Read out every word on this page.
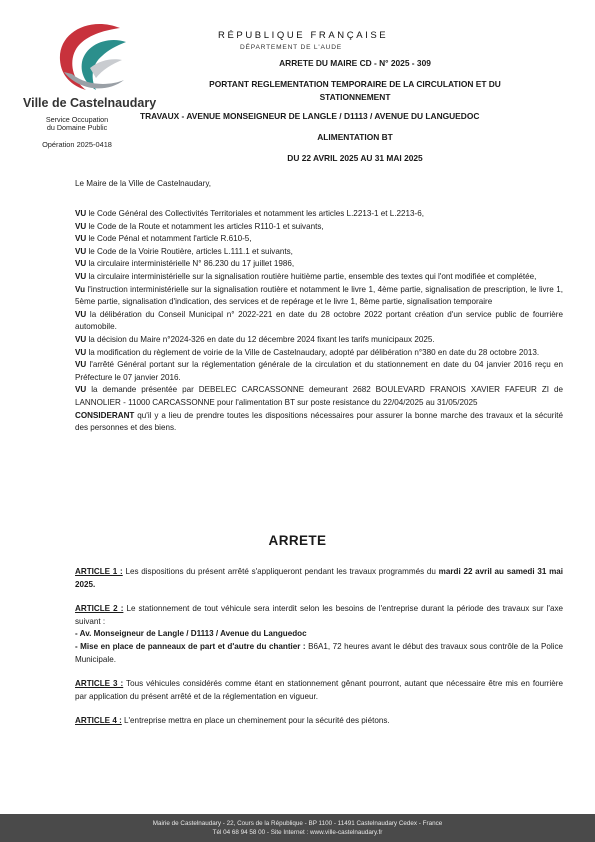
Ville de Castelnaudary
Service Occupation
du Domaine Public
Opération 2025-0418
RÉPUBLIQUE FRANÇAISE
DÉPARTEMENT DE L'AUDE
ARRETE DU MAIRE CD - N° 2025 - 309
PORTANT REGLEMENTATION TEMPORAIRE DE LA CIRCULATION ET DU
STATIONNEMENT
TRAVAUX - AVENUE MONSEIGNEUR DE LANGLE / D1113 / AVENUE DU LANGUEDOC
ALIMENTATION BT
DU 22 AVRIL 2025 AU 31 MAI 2025
Le Maire de la Ville de Castelnaudary,
VU le Code Général des Collectivités Territoriales et notamment les articles L.2213-1 et L.2213-6,
VU le Code de la Route et notamment les articles R110-1 et suivants,
VU le Code Pénal et notamment l'article R.610-5,
VU le Code de la Voirie Routière, articles L.111.1 et suivants,
VU la circulaire interministérielle N° 86.230 du 17 juillet 1986,
VU la circulaire interministérielle sur la signalisation routière huitième partie, ensemble des textes qui l'ont modifiée et complétée,
Vu l'instruction interministérielle sur la signalisation routière et notamment le livre 1, 4ème partie, signalisation de prescription, le livre 1, 5ème partie, signalisation d'indication, des services et de repérage et le livre 1, 8ème partie, signalisation temporaire
VU la délibération du Conseil Municipal n° 2022-221 en date du 28 octobre 2022 portant création d'un service public de fourrière automobile.
VU la décision du Maire n°2024-326 en date du 12 décembre 2024 fixant les tarifs municipaux 2025.
VU la modification du règlement de voirie de la Ville de Castelnaudary, adopté par délibération n°380 en date du 28 octobre 2013.
VU l'arrêté Général portant sur la réglementation générale de la circulation et du stationnement en date du 04 janvier 2016 reçu en Préfecture le 07 janvier 2016.
VU la demande présentée par DEBELEC CARCASSONNE demeurant 2682 BOULEVARD FRANOIS XAVIER FAFEUR ZI de LANNOLIER - 11000 CARCASSONNE pour l'alimentation BT sur poste resistance du 22/04/2025 au 31/05/2025
CONSIDERANT qu'il y a lieu de prendre toutes les dispositions nécessaires pour assurer la bonne marche des travaux et la sécurité des personnes et des biens.
ARRETE
ARTICLE 1 : Les dispositions du présent arrêté s'appliqueront pendant les travaux programmés du mardi 22 avril au samedi 31 mai 2025.
ARTICLE 2 : Le stationnement de tout véhicule sera interdit selon les besoins de l'entreprise durant la période des travaux sur l'axe suivant :
- Av. Monseigneur de Langle / D1113 / Avenue du Languedoc
- Mise en place de panneaux de part et d'autre du chantier : B6A1, 72 heures avant le début des travaux sous contrôle de la Police Municipale.
ARTICLE 3 : Tous véhicules considérés comme étant en stationnement gênant pourront, autant que nécessaire être mis en fourrière par application du présent arrêté et de la réglementation en vigueur.
ARTICLE 4 : L'entreprise mettra en place un cheminement pour la sécurité des piétons.
Mairie de Castelnaudary - 22, Cours de la République - BP 1100 - 11491 Castelnaudary Cedex - France
Tél 04 68 94 58 00 - Site Internet : www.ville-castelnaudary.fr
